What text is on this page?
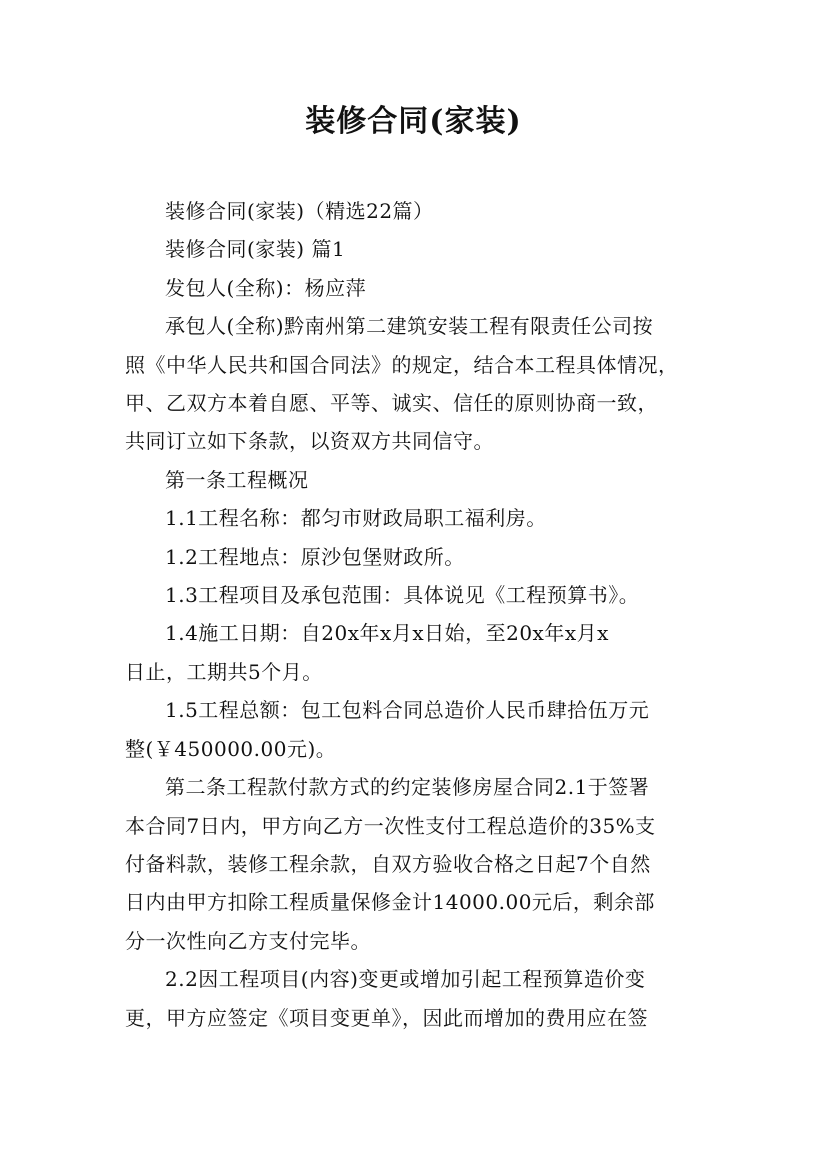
装修合同(家装)

装修合同(家装)（精选22篇）

装修合同(家装) 篇1

发包人(全称)：杨应萍

承包人(全称)黔南州第二建筑安装工程有限责任公司按
照《中华人民共和国合同法》的规定，结合本工程具体情况，
甲、乙双方本着自愿、平等、诚实、信任的原则协商一致，
共同订立如下条款，以资双方共同信守。

第一条工程概况

1.1工程名称：都匀市财政局职工福利房。

1.2工程地点：原沙包堡财政所。

1.3工程项目及承包范围：具体说见《工程预算书》。

1.4施工日期：自20x年x月x日始，至20x年x月x
日止，工期共5个月。

1.5工程总额：包工包料合同总造价人民币肆拾伍万元
整(￥450000.00元)。

第二条工程款付款方式的约定装修房屋合同2.1于签署
本合同7日内，甲方向乙方一次性支付工程总造价的35%支
付备料款，装修工程余款，自双方验收合格之日起7个自然
日内由甲方扣除工程质量保修金计14000.00元后，剩余部
分一次性向乙方支付完毕。

2.2因工程项目(内容)变更或增加引起工程预算造价变
更，甲方应签定《项目变更单》，因此而增加的费用应在签
